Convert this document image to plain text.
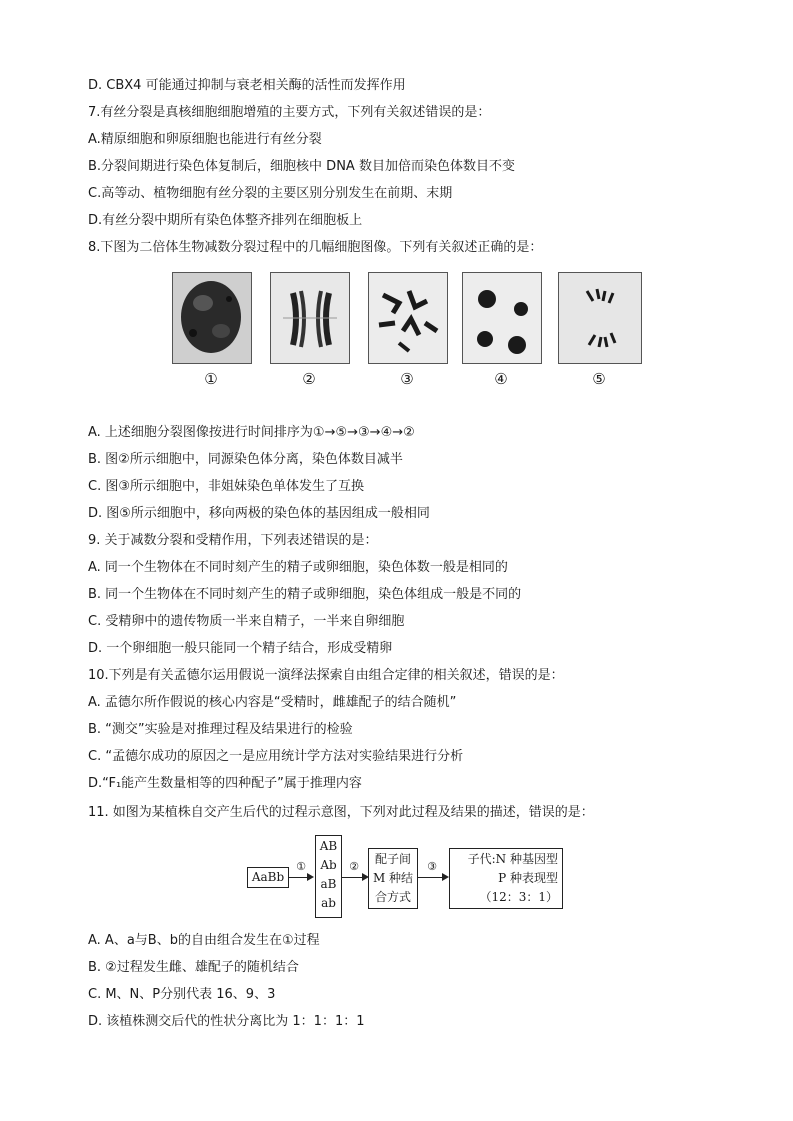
D. CBX4 可能通过抑制与衰老相关酶的活性而发挥作用
7.有丝分裂是真核细胞细胞增殖的主要方式，下列有关叙述错误的是：
A.精原细胞和卵原细胞也能进行有丝分裂
B.分裂间期进行染色体复制后，细胞核中 DNA 数目加倍而染色体数目不变
C.高等动、植物细胞有丝分裂的主要区别分别发生在前期、末期
D.有丝分裂中期所有染色体整齐排列在细胞板上
8.下图为二倍体生物减数分裂过程中的几幅细胞图像。下列有关叙述正确的是：
①	②	③	④	⑤
A. 上述细胞分裂图像按进行时间排序为①→⑤→③→④→②
B. 图②所示细胞中，同源染色体分离，染色体数目减半
C. 图③所示细胞中，非姐妹染色单体发生了互换
D. 图⑤所示细胞中，移向两极的染色体的基因组成一般相同
9. 关于减数分裂和受精作用，下列表述错误的是：
A. 同一个生物体在不同时刻产生的精子或卵细胞，染色体数一般是相同的
B. 同一个生物体在不同时刻产生的精子或卵细胞，染色体组成一般是不同的
C. 受精卵中的遗传物质一半来自精子，一半来自卵细胞
D. 一个卵细胞一般只能同一个精子结合，形成受精卵
10.下列是有关孟德尔运用假说一演绎法探索自由组合定律的相关叙述，错误的是：
A. 孟德尔所作假说的核心内容是“受精时，雌雄配子的结合随机”
B. “测交”实验是对推理过程及结果进行的检验
C. “孟德尔成功的原因之一是应用统计学方法对实验结果进行分析
D.“F₁能产生数量相等的四种配子”属于推理内容
11. 如图为某植株自交产生后代的过程示意图，下列对此过程及结果的描述，错误的是：
AaBb
①
AB
Ab
aB
ab
②
配子间
M 种结
合方式
③
子代:N 种基因型
P 种表现型
（12：3：1）
A. A、a与B、b的自由组合发生在①过程
B. ②过程发生雌、雄配子的随机结合
C. M、N、P分别代表 16、9、3
D. 该植株测交后代的性状分离比为 1：1：1：1
